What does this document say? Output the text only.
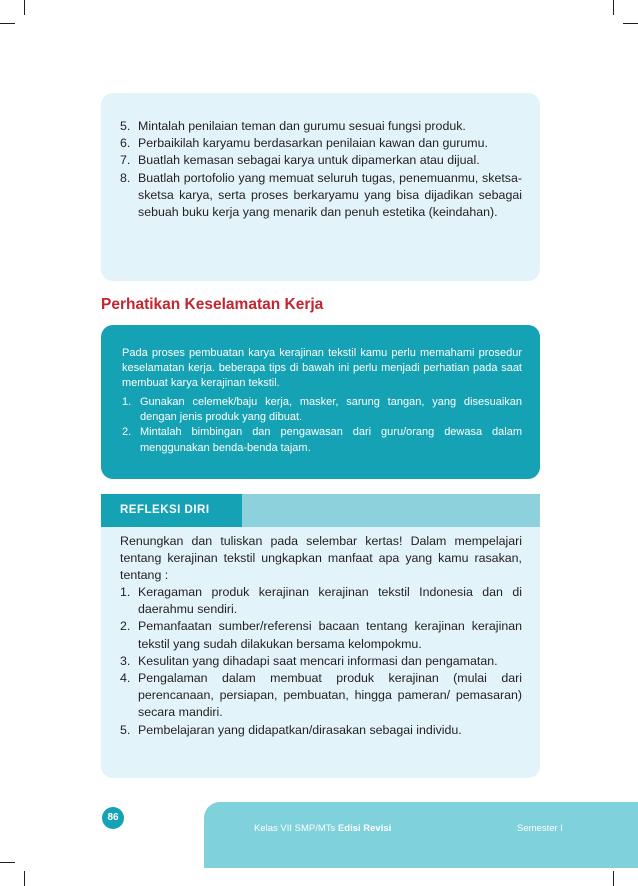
5. Mintalah penilaian teman dan gurumu sesuai fungsi produk.
6. Perbaikilah karyamu berdasarkan penilaian kawan dan gurumu.
7. Buatlah kemasan sebagai karya untuk dipamerkan atau dijual.
8. Buatlah portofolio yang memuat seluruh tugas, penemuanmu, sketsa-sketsa karya, serta proses berkaryamu yang bisa dijadikan sebagai sebuah buku kerja yang menarik dan penuh estetika (keindahan).
Perhatikan Keselamatan Kerja

Pada proses pembuatan karya kerajinan tekstil kamu perlu memahami prosedur keselamatan kerja. beberapa tips di bawah ini perlu menjadi perhatian pada saat membuat karya kerajinan tekstil.

1. Gunakan celemek/baju kerja, masker, sarung tangan, yang disesuaikan dengan jenis produk yang dibuat.
2. Mintalah bimbingan dan pengawasan dari guru/orang dewasa dalam menggunakan benda-benda tajam.
REFLEKSI DIRI

Renungkan dan tuliskan pada selembar kertas! Dalam mempelajari tentang kerajinan tekstil ungkapkan manfaat apa yang kamu rasakan, tentang :

1. Keragaman produk kerajinan kerajinan tekstil Indonesia dan di daerahmu sendiri.
2. Pemanfaatan sumber/referensi bacaan tentang kerajinan kerajinan tekstil yang sudah dilakukan bersama kelompokmu.
3. Kesulitan yang dihadapi saat mencari informasi dan pengamatan.
4. Pengalaman dalam membuat produk kerajinan (mulai dari perencanaan, persiapan, pembuatan, hingga pameran/ pemasaran) secara mandiri.
5. Pembelajaran yang didapatkan/dirasakan sebagai individu.
86
Kelas VII SMP/MTs Edisi Revisi	Semester I
